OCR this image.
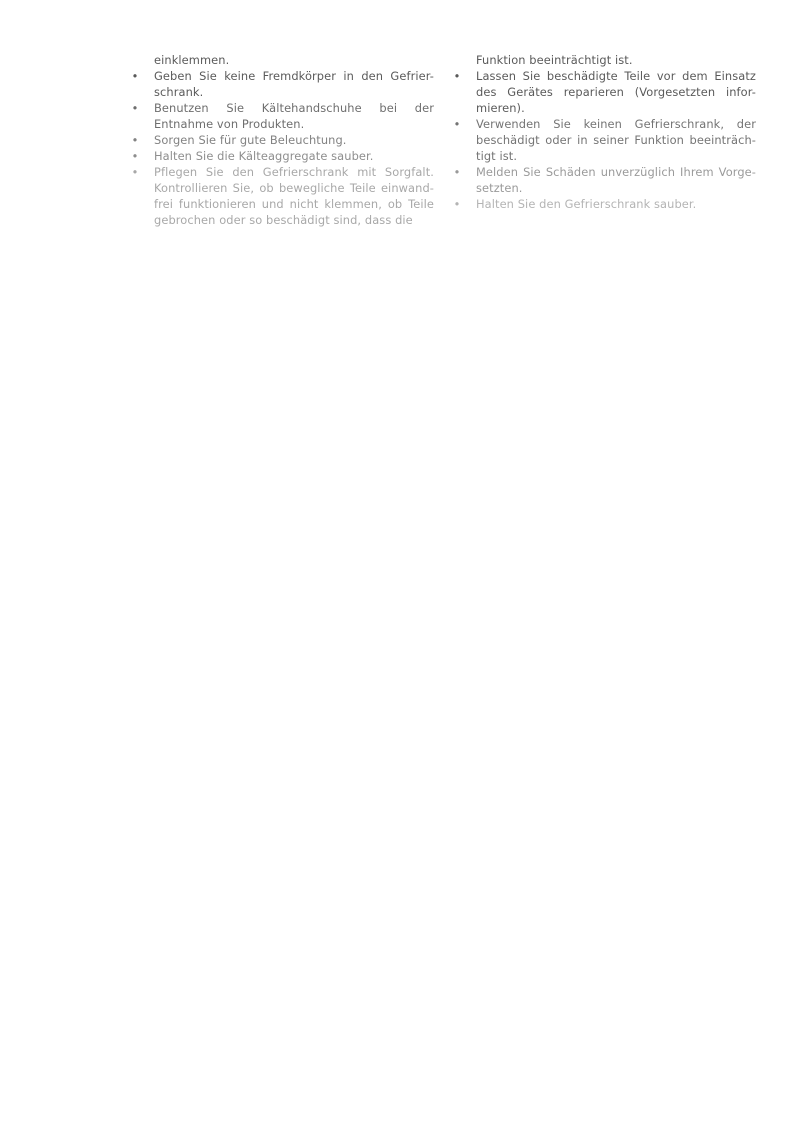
einklemmen.

• Geben Sie keine Fremdkörper in den Gefrier-schrank.
• Benutzen Sie Kältehandschuhe bei der Entnahme von Produkten.
• Sorgen Sie für gute Beleuchtung.
• Halten Sie die Kälteaggregate sauber.
• Pflegen Sie den Gefrierschrank mit Sorgfalt. Kontrollieren Sie, ob bewegliche Teile einwand-frei funktionieren und nicht klemmen, ob Teile gebrochen oder so beschädigt sind, dass die

Funktion beeinträchtigt ist.

• Lassen Sie beschädigte Teile vor dem Einsatz des Gerätes reparieren (Vorgesetzten infor-mieren).
• Verwenden Sie keinen Gefrierschrank, der beschädigt oder in seiner Funktion beeinträch-tigt ist.
• Melden Sie Schäden unverzüglich Ihrem Vorge-setzten.
• Halten Sie den Gefrierschrank sauber.
